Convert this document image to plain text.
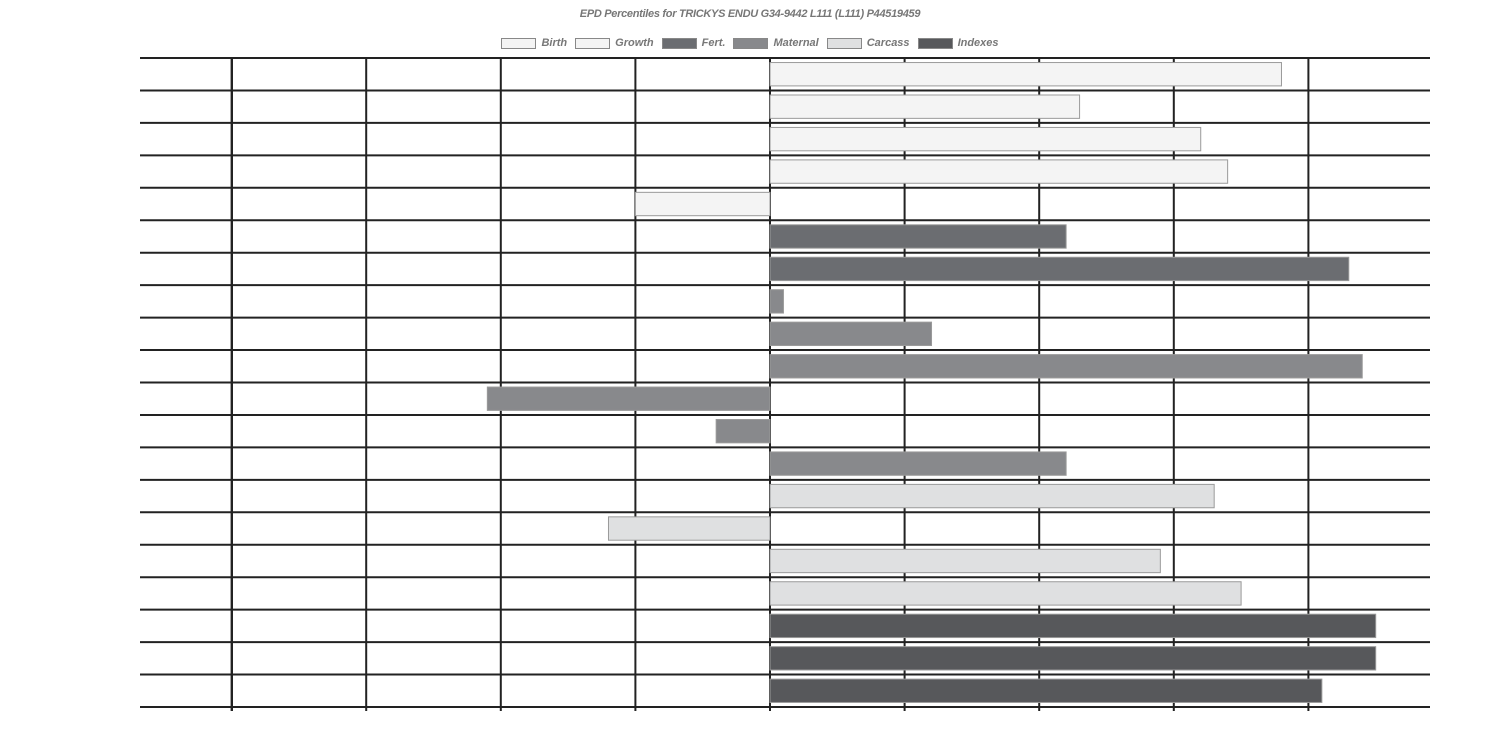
EPD Percentiles for TRICKYS ENDU G34-9442 L111 (L111) P44519459
Birth	Growth	Fert.	Maternal	Carcass	Indexes
